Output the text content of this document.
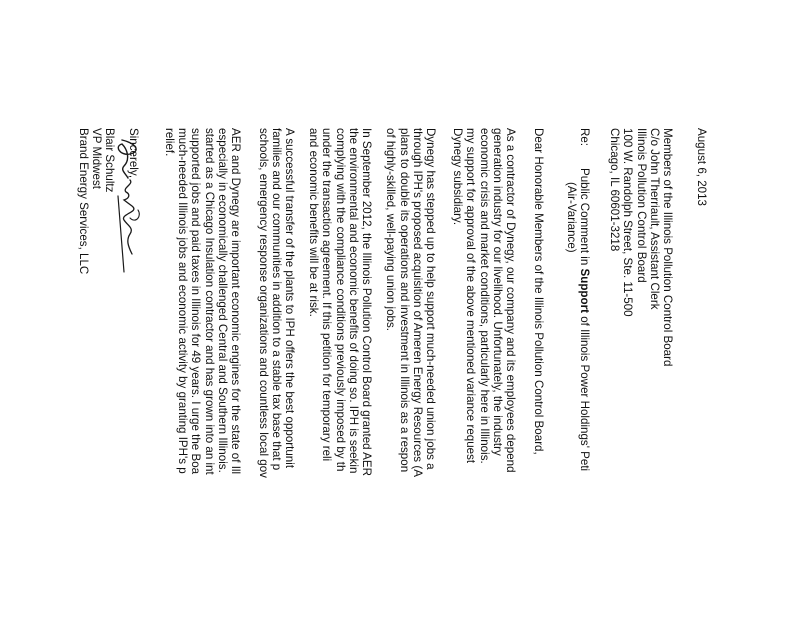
August 6, 2013
Members of the Illinois Pollution Control Board
C/o John Therriault, Assistant Clerk
Illinois Pollution Control Board
100 W. Randolph Street, Ste. 11-500
Chicago, IL 60601-3218
Re:
Public Comment in Support of Illinois Power Holdings' Peti
(Air-Variance)
Dear Honorable Members of the Illinois Pollution Control Board,
As a contractor of Dynegy, our company and its employees depend
generation industry for our livelihood. Unfortunately, the industry
economic crisis and market conditions, particularly here in Illinois.
my support for approval of the above mentioned variance request
Dynegy subsidiary.
Dynegy has stepped up to help support much-needed union jobs a
through IPH's proposed acquisition of Ameren Energy Resources (A
plans to double its operations and investment in Illinois as a respon
of highly-skilled, well-paying union jobs.
In September 2012, the Illinois Pollution Control Board granted AER
the environmental and economic benefits of doing so. IPH is seekin
complying with the compliance conditions previously imposed by th
under the transaction agreement. If this petition for temporary reli
and economic benefits will be at risk.
A successful transfer of the plants to IPH offers the best opportunit
families and our communities in addition to a stable tax base that p
schools, emergency response organizations and countless local gov
AER and Dynegy are important economic engines for the state of Ill
especially in economically challenged Central and Southern Illinois.
started as a Chicago Insulation contractor and has grown into an int
supported jobs and paid taxes in Illinois for 49 years. I urge the Boa
much-needed Illinois jobs and economic activity by granting IPH's p
relief.
Sincerely,
Blair Schultz
VP Midwest
Brand Energy Services, LLC
